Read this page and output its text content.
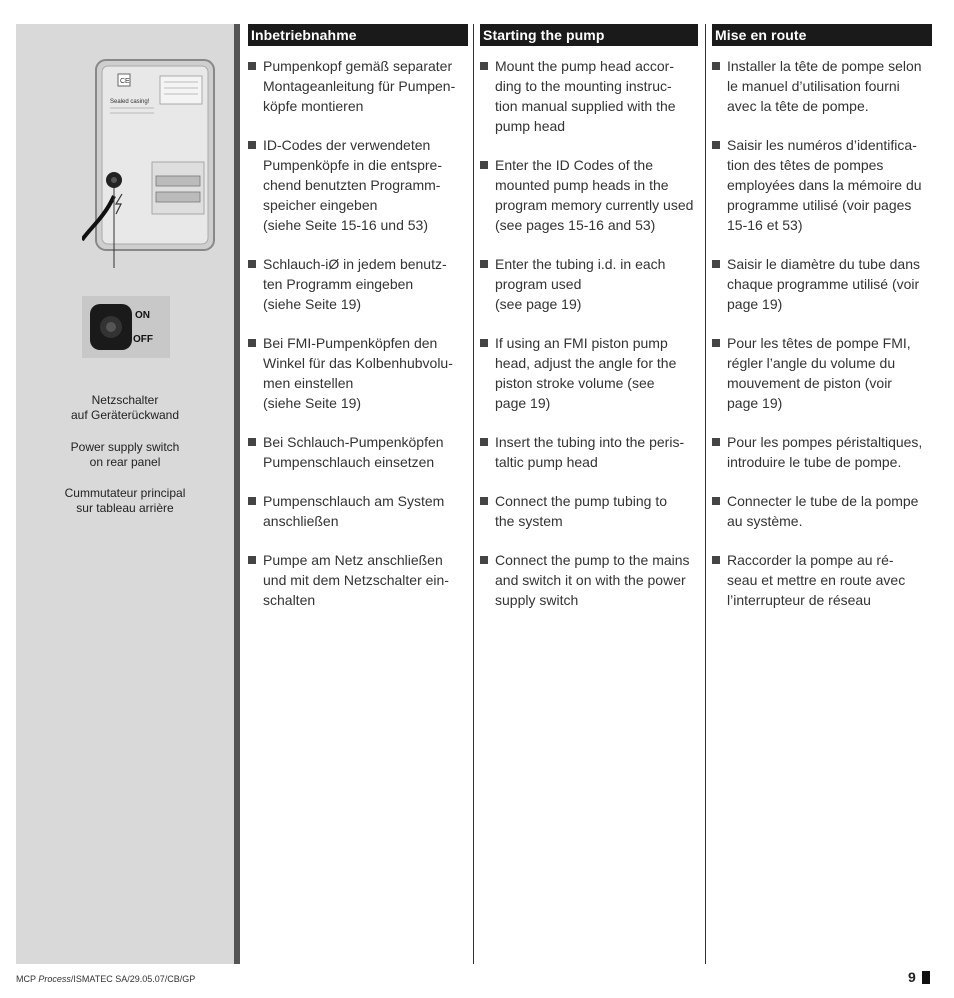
CE
Sealed casing!
ON
OFF
Netzschalter
auf Geräterückwand
Power supply switch
on rear panel
Cummutateur principal
sur tableau arrière
Inbetriebnahme
Pumpenkopf gemäß separater
Montageanleitung für Pumpen-
köpfe montieren
ID-Codes der verwendeten
Pumpenköpfe in die entspre-
chend benutzten Programm-
speicher eingeben
(siehe Seite 15-16 und 53)
Schlauch-iØ in jedem benutz-
ten Programm eingeben
(siehe Seite 19)
Bei FMI-Pumpenköpfen den
Winkel für das Kolbenhubvolu-
men einstellen
(siehe Seite 19)
Bei Schlauch-Pumpenköpfen
Pumpenschlauch einsetzen
Pumpenschlauch am System
anschließen
Pumpe am Netz anschließen
und mit dem Netzschalter ein-
schalten
Starting the pump
Mount the pump head accor-
ding to the mounting instruc-
tion manual supplied with the
pump head
Enter the ID Codes of the
mounted pump heads in the
program memory currently used
(see pages 15-16 and 53)
Enter the tubing i.d. in each
program used
(see page 19)
If using an FMI piston pump
head, adjust the angle for the
piston stroke volume (see
page 19)
Insert the tubing into the peris-
taltic pump head
Connect the pump tubing to
the system
Connect the pump to the mains
and switch it on with the power
supply switch
Mise en route
Installer la tête de pompe selon
le manuel d’utilisation fourni
avec la tête de pompe.
Saisir les numéros d’identifica-
tion des têtes de pompes
employées dans la mémoire du
programme utilisé (voir pages
15-16 et 53)
Saisir le diamètre du tube dans
chaque programme utilisé (voir
page 19)
Pour les têtes de pompe FMI,
régler l’angle du volume du
mouvement de piston (voir
page 19)
Pour les pompes péristaltiques,
introduire le tube de pompe.
Connecter le tube de la pompe
au système.
Raccorder la pompe au ré-
seau et mettre en route avec
l’interrupteur de réseau
MCP Process/ISMATEC SA/29.05.07/CB/GP	9
